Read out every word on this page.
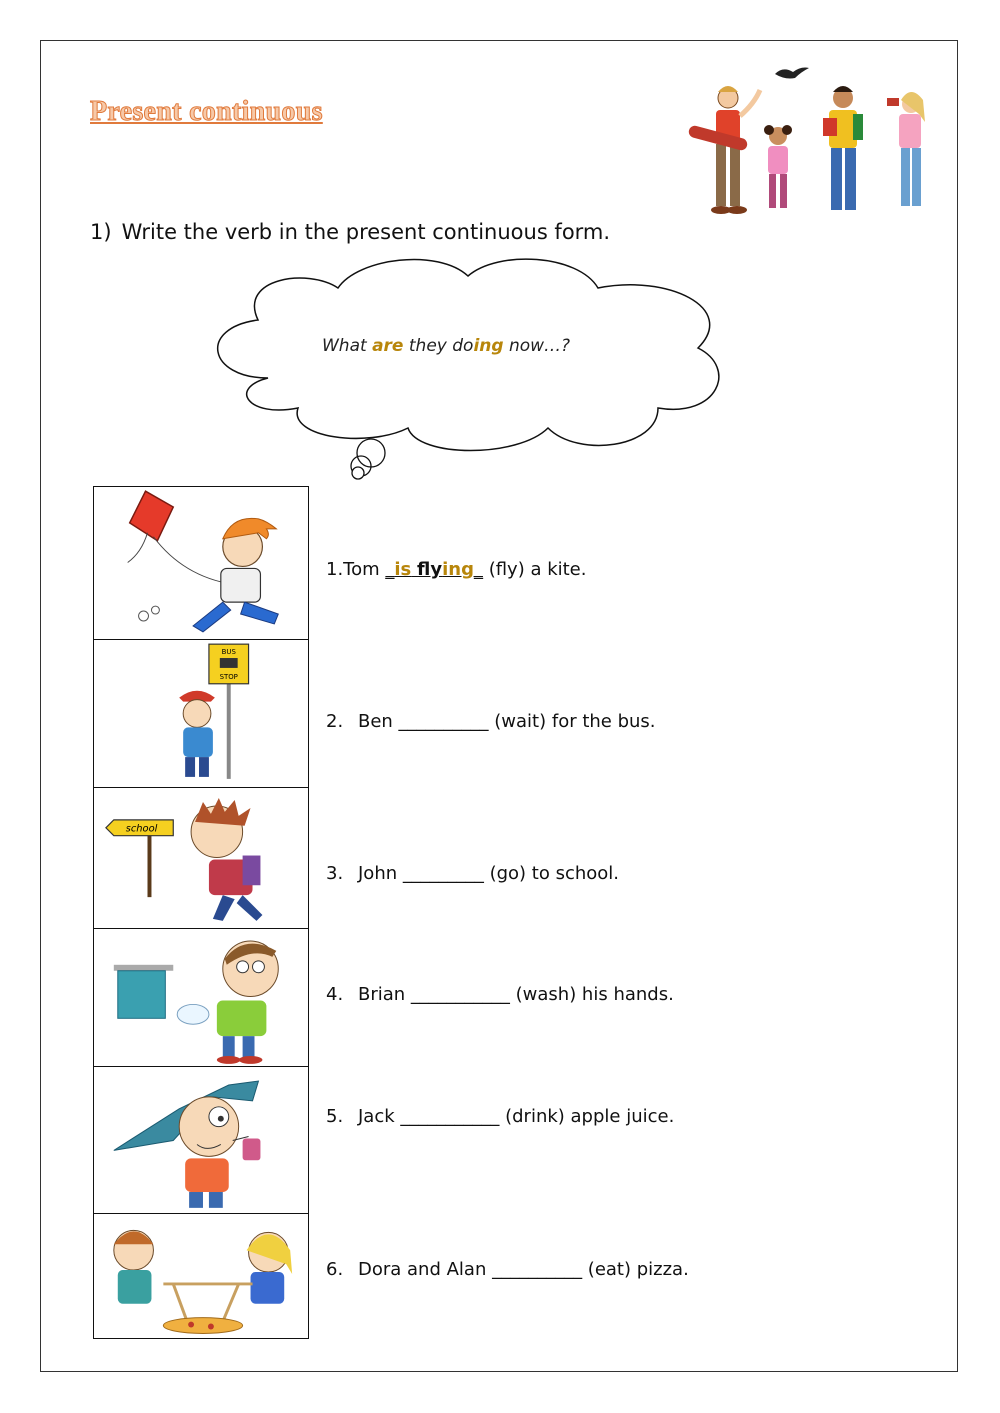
Present continuous
1) Write the verb in the present continuous form.
What are they doing now…?
BUS
STOP
school
1.Tom _is flying_ (fly) a kite.
2. Ben __________ (wait) for the bus.
3. John _________ (go) to school.
4. Brian ___________ (wash) his hands.
5. Jack ___________ (drink) apple juice.
6. Dora and Alan __________ (eat) pizza.
